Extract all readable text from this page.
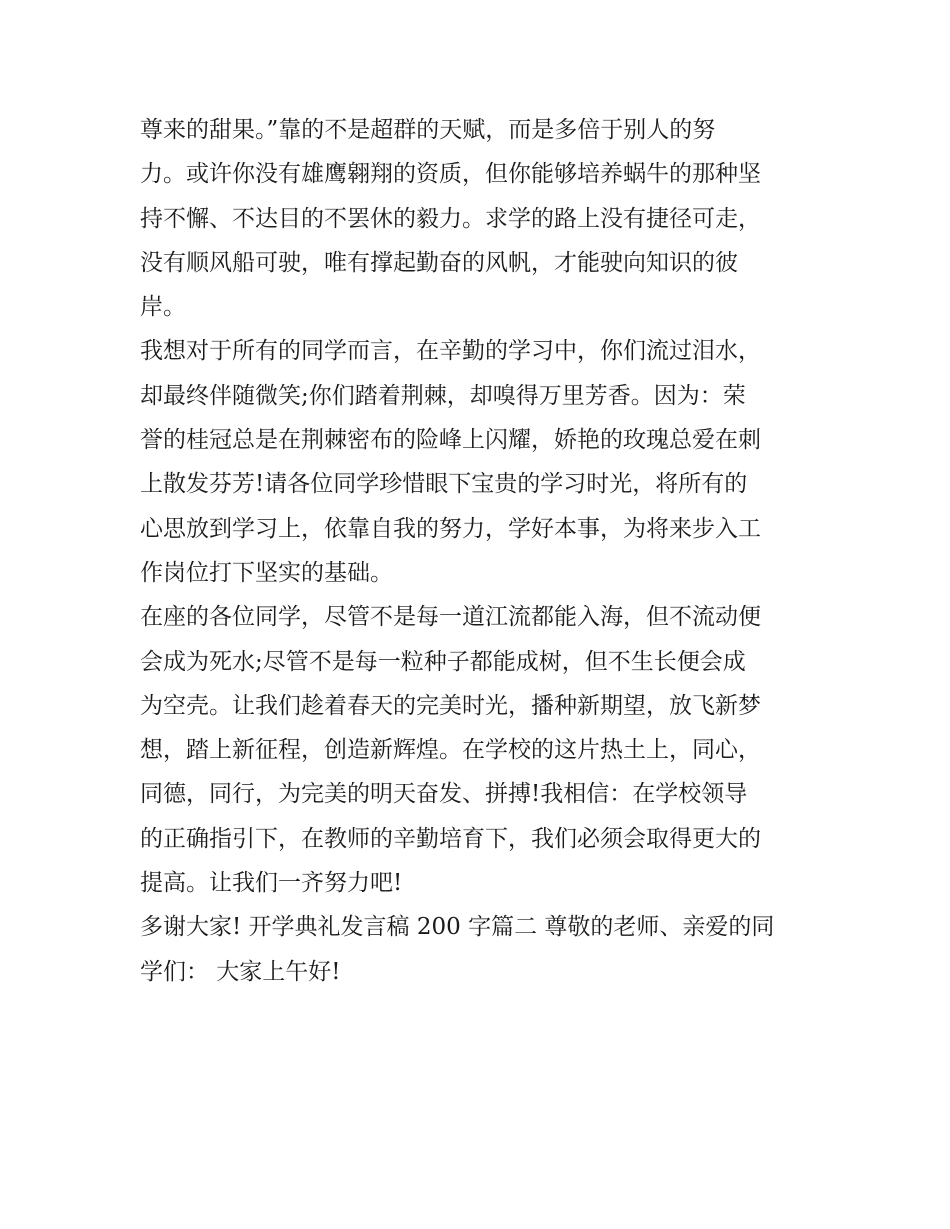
尊来的甜果。”靠的不是超群的天赋，而是多倍于别人的努
力。或许你没有雄鹰翱翔的资质，但你能够培养蜗牛的那种坚
持不懈、不达目的不罢休的毅力。求学的路上没有捷径可走，
没有顺风船可驶，唯有撑起勤奋的风帆，才能驶向知识的彼
岸。
我想对于所有的同学而言，在辛勤的学习中，你们流过泪水，
却最终伴随微笑;你们踏着荆棘，却嗅得万里芳香。因为：荣
誉的桂冠总是在荆棘密布的险峰上闪耀，娇艳的玫瑰总爱在刺
上散发芬芳!请各位同学珍惜眼下宝贵的学习时光，将所有的
心思放到学习上，依靠自我的努力，学好本事，为将来步入工
作岗位打下坚实的基础。
在座的各位同学，尽管不是每一道江流都能入海，但不流动便
会成为死水;尽管不是每一粒种子都能成树，但不生长便会成
为空壳。让我们趁着春天的完美时光，播种新期望，放飞新梦
想，踏上新征程，创造新辉煌。在学校的这片热土上，同心，
同德，同行，为完美的明天奋发、拼搏!我相信：在学校领导
的正确指引下，在教师的辛勤培育下，我们必须会取得更大的
提高。让我们一齐努力吧!
多谢大家! 开学典礼发言稿 200 字篇二 尊敬的老师、亲爱的同
学们： 大家上午好!
